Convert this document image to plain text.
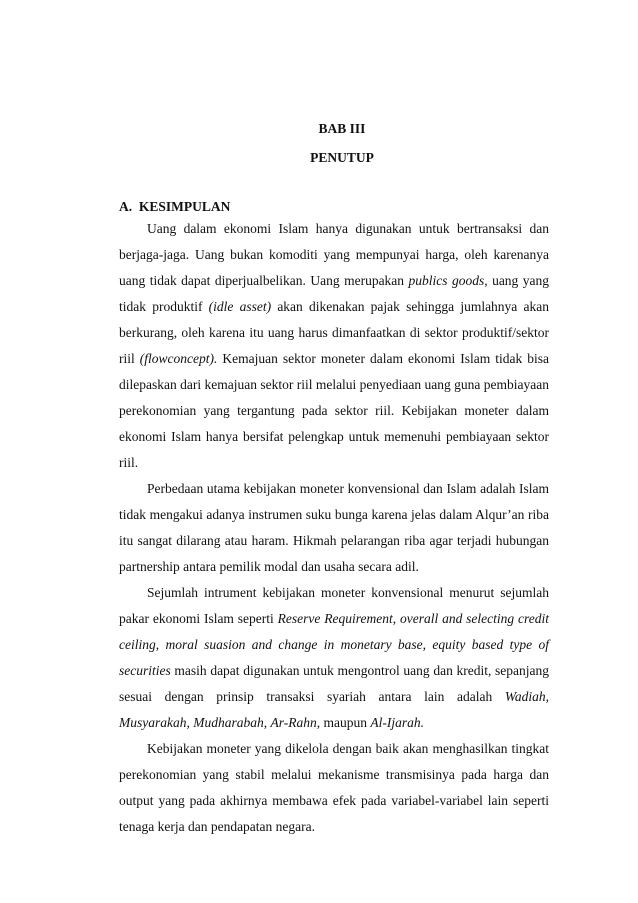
BAB III
PENUTUP
A. KESIMPULAN

Uang dalam ekonomi Islam hanya digunakan untuk bertransaksi dan berjaga-jaga. Uang bukan komoditi yang mempunyai harga, oleh karenanya uang tidak dapat diperjualbelikan. Uang merupakan publics goods, uang yang tidak produktif (idle asset) akan dikenakan pajak sehingga jumlahnya akan berkurang, oleh karena itu uang harus dimanfaatkan di sektor produktif/sektor riil (flowconcept). Kemajuan sektor moneter dalam ekonomi Islam tidak bisa dilepaskan dari kemajuan sektor riil melalui penyediaan uang guna pembiayaan perekonomian yang tergantung pada sektor riil. Kebijakan moneter dalam ekonomi Islam hanya bersifat pelengkap untuk memenuhi pembiayaan sektor riil.

Perbedaan utama kebijakan moneter konvensional dan Islam adalah Islam tidak mengakui adanya instrumen suku bunga karena jelas dalam Alqur’an riba itu sangat dilarang atau haram. Hikmah pelarangan riba agar terjadi hubungan partnership antara pemilik modal dan usaha secara adil.

Sejumlah intrument kebijakan moneter konvensional menurut sejumlah pakar ekonomi Islam seperti Reserve Requirement, overall and selecting credit ceiling, moral suasion and change in monetary base, equity based type of securities masih dapat digunakan untuk mengontrol uang dan kredit, sepanjang sesuai dengan prinsip transaksi syariah antara lain adalah Wadiah, Musyarakah, Mudharabah, Ar-Rahn, maupun Al-Ijarah.

Kebijakan moneter yang dikelola dengan baik akan menghasilkan tingkat perekonomian yang stabil melalui mekanisme transmisinya pada harga dan output yang pada akhirnya membawa efek pada variabel-variabel lain seperti tenaga kerja dan pendapatan negara.
